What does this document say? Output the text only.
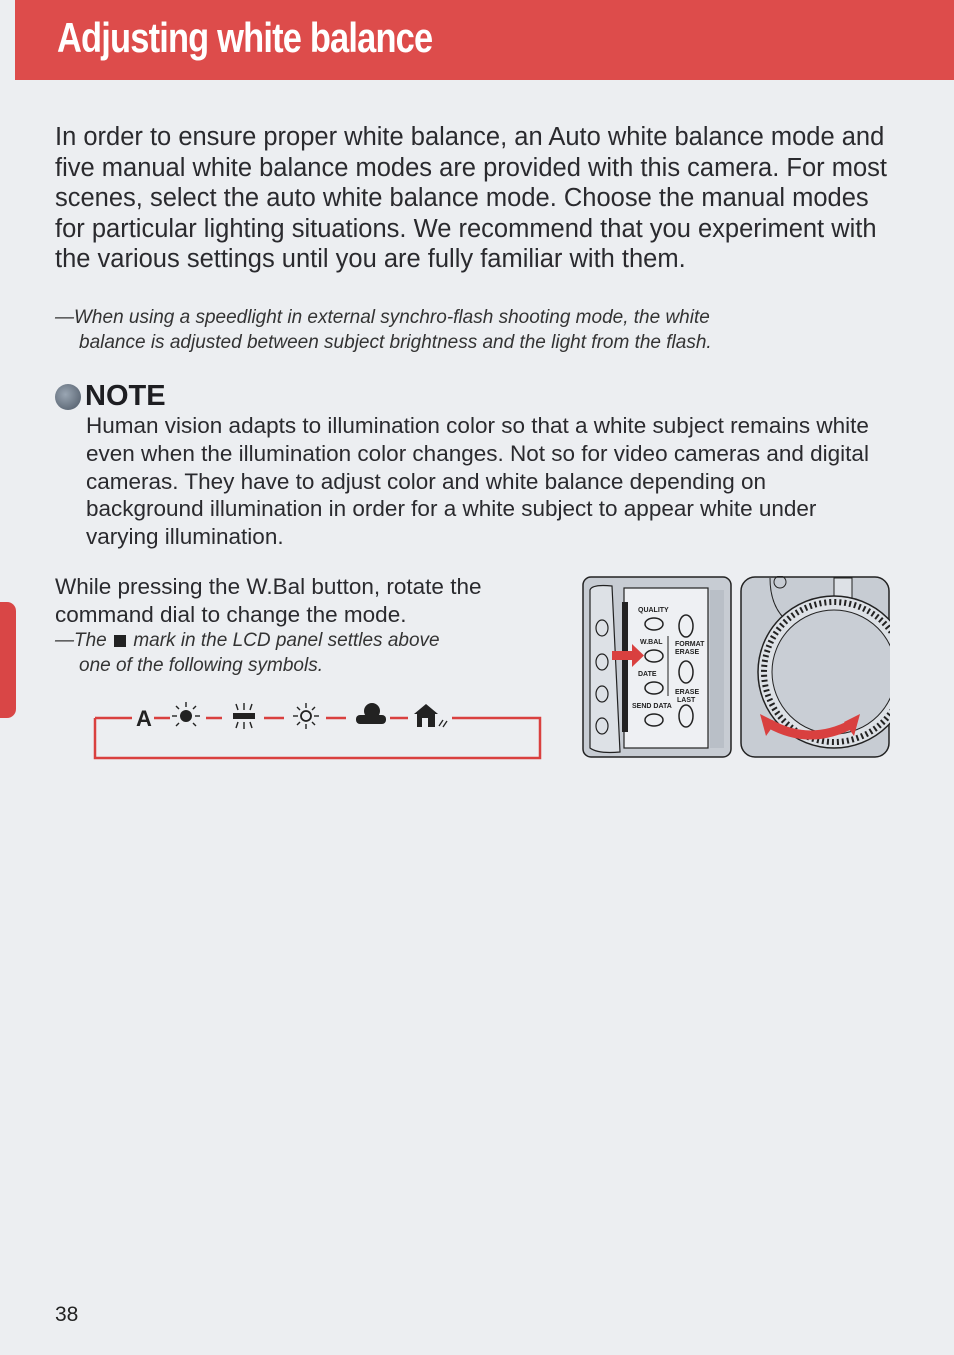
Adjusting white balance

In order to ensure proper white balance, an Auto white balance mode and five manual white balance modes are provided with this camera. For most scenes, select the auto white balance mode. Choose the manual modes for particular lighting situations. We recommend that you experiment with the various settings until you are fully familiar with them.

—When using a speedlight in external synchro-flash shooting mode, the white
balance is adjusted between subject brightness and the light from the flash.

NOTE

Human vision adapts to illumination color so that a white subject remains white even when the illumination color changes. Not so for video cameras and digital cameras. They have to adjust color and white balance depending on background illumination in order for a white subject to appear white under varying illumination.

While pressing the W.Bal button, rotate the command dial to change the mode.

—The mark in the LCD panel settles above
one of the following symbols.

A
QUALITY
W.BAL
DATE
SEND DATA
FORMAT
ERASE
ERASE
LAST

38
